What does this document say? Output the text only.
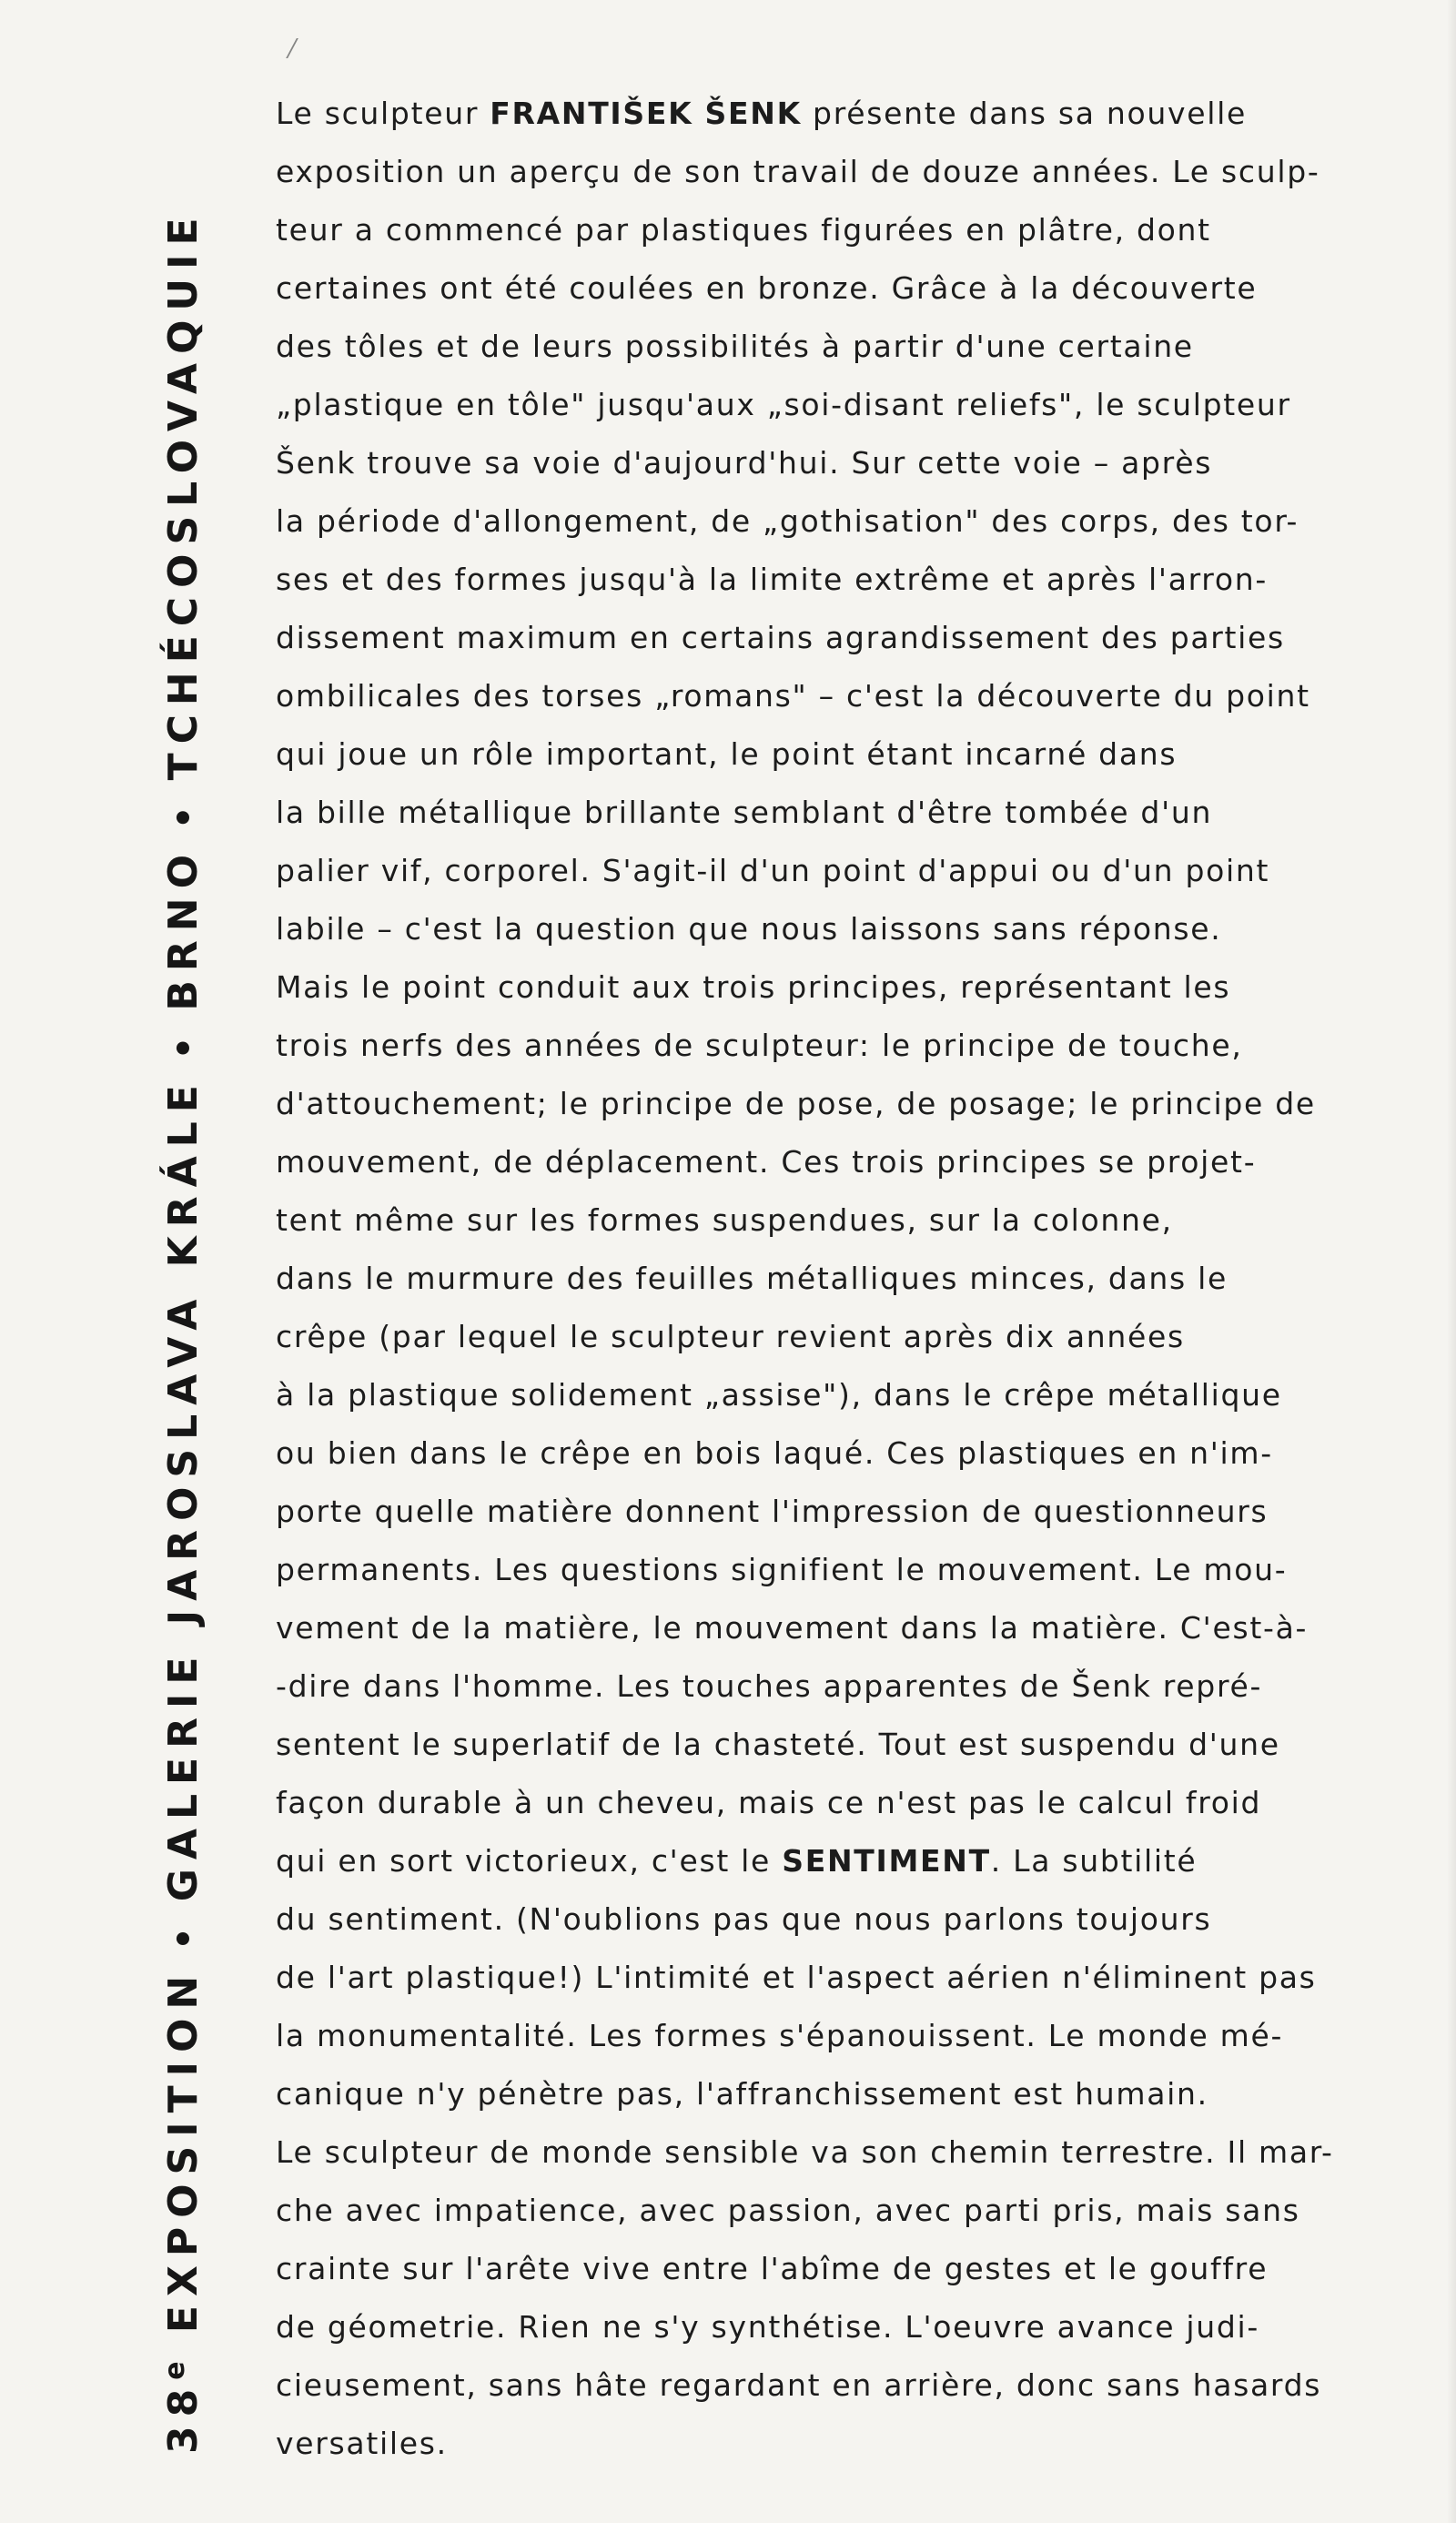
38e EXPOSITION•GALERIE JAROSLAVA KRÁLE•BRNO•TCHÉCOSLOVAQUIE
Le sculpteur FRANTIŠEK ŠENK présente dans sa nouvelle
exposition un aperçu de son travail de douze années. Le sculp-
teur a commencé par plastiques figurées en plâtre, dont
certaines ont été coulées en bronze. Grâce à la découverte
des tôles et de leurs possibilités à partir d'une certaine
„plastique en tôle" jusqu'aux „soi-disant reliefs", le sculpteur
Šenk trouve sa voie d'aujourd'hui. Sur cette voie – après
la période d'allongement, de „gothisation" des corps, des tor-
ses et des formes jusqu'à la limite extrême et après l'arron-
dissement maximum en certains agrandissement des parties
ombilicales des torses „romans" – c'est la découverte du point
qui joue un rôle important, le point étant incarné dans
la bille métallique brillante semblant d'être tombée d'un
palier vif, corporel. S'agit-il d'un point d'appui ou d'un point
labile – c'est la question que nous laissons sans réponse.
Mais le point conduit aux trois principes, représentant les
trois nerfs des années de sculpteur: le principe de touche,
d'attouchement; le principe de pose, de posage; le principe de
mouvement, de déplacement. Ces trois principes se projet-
tent même sur les formes suspendues, sur la colonne,
dans le murmure des feuilles métalliques minces, dans le
crêpe (par lequel le sculpteur revient après dix années
à la plastique solidement „assise"), dans le crêpe métallique
ou bien dans le crêpe en bois laqué. Ces plastiques en n'im-
porte quelle matière donnent l'impression de questionneurs
permanents. Les questions signifient le mouvement. Le mou-
vement de la matière, le mouvement dans la matière. C'est-à-
-dire dans l'homme. Les touches apparentes de Šenk repré-
sentent le superlatif de la chasteté. Tout est suspendu d'une
façon durable à un cheveu, mais ce n'est pas le calcul froid
qui en sort victorieux, c'est le SENTIMENT. La subtilité
du sentiment. (N'oublions pas que nous parlons toujours
de l'art plastique!) L'intimité et l'aspect aérien n'éliminent pas
la monumentalité. Les formes s'épanouissent. Le monde mé-
canique n'y pénètre pas, l'affranchissement est humain.
Le sculpteur de monde sensible va son chemin terrestre. Il mar-
che avec impatience, avec passion, avec parti pris, mais sans
crainte sur l'arête vive entre l'abîme de gestes et le gouffre
de géometrie. Rien ne s'y synthétise. L'oeuvre avance judi-
cieusement, sans hâte regardant en arrière, donc sans hasards
versatiles.
